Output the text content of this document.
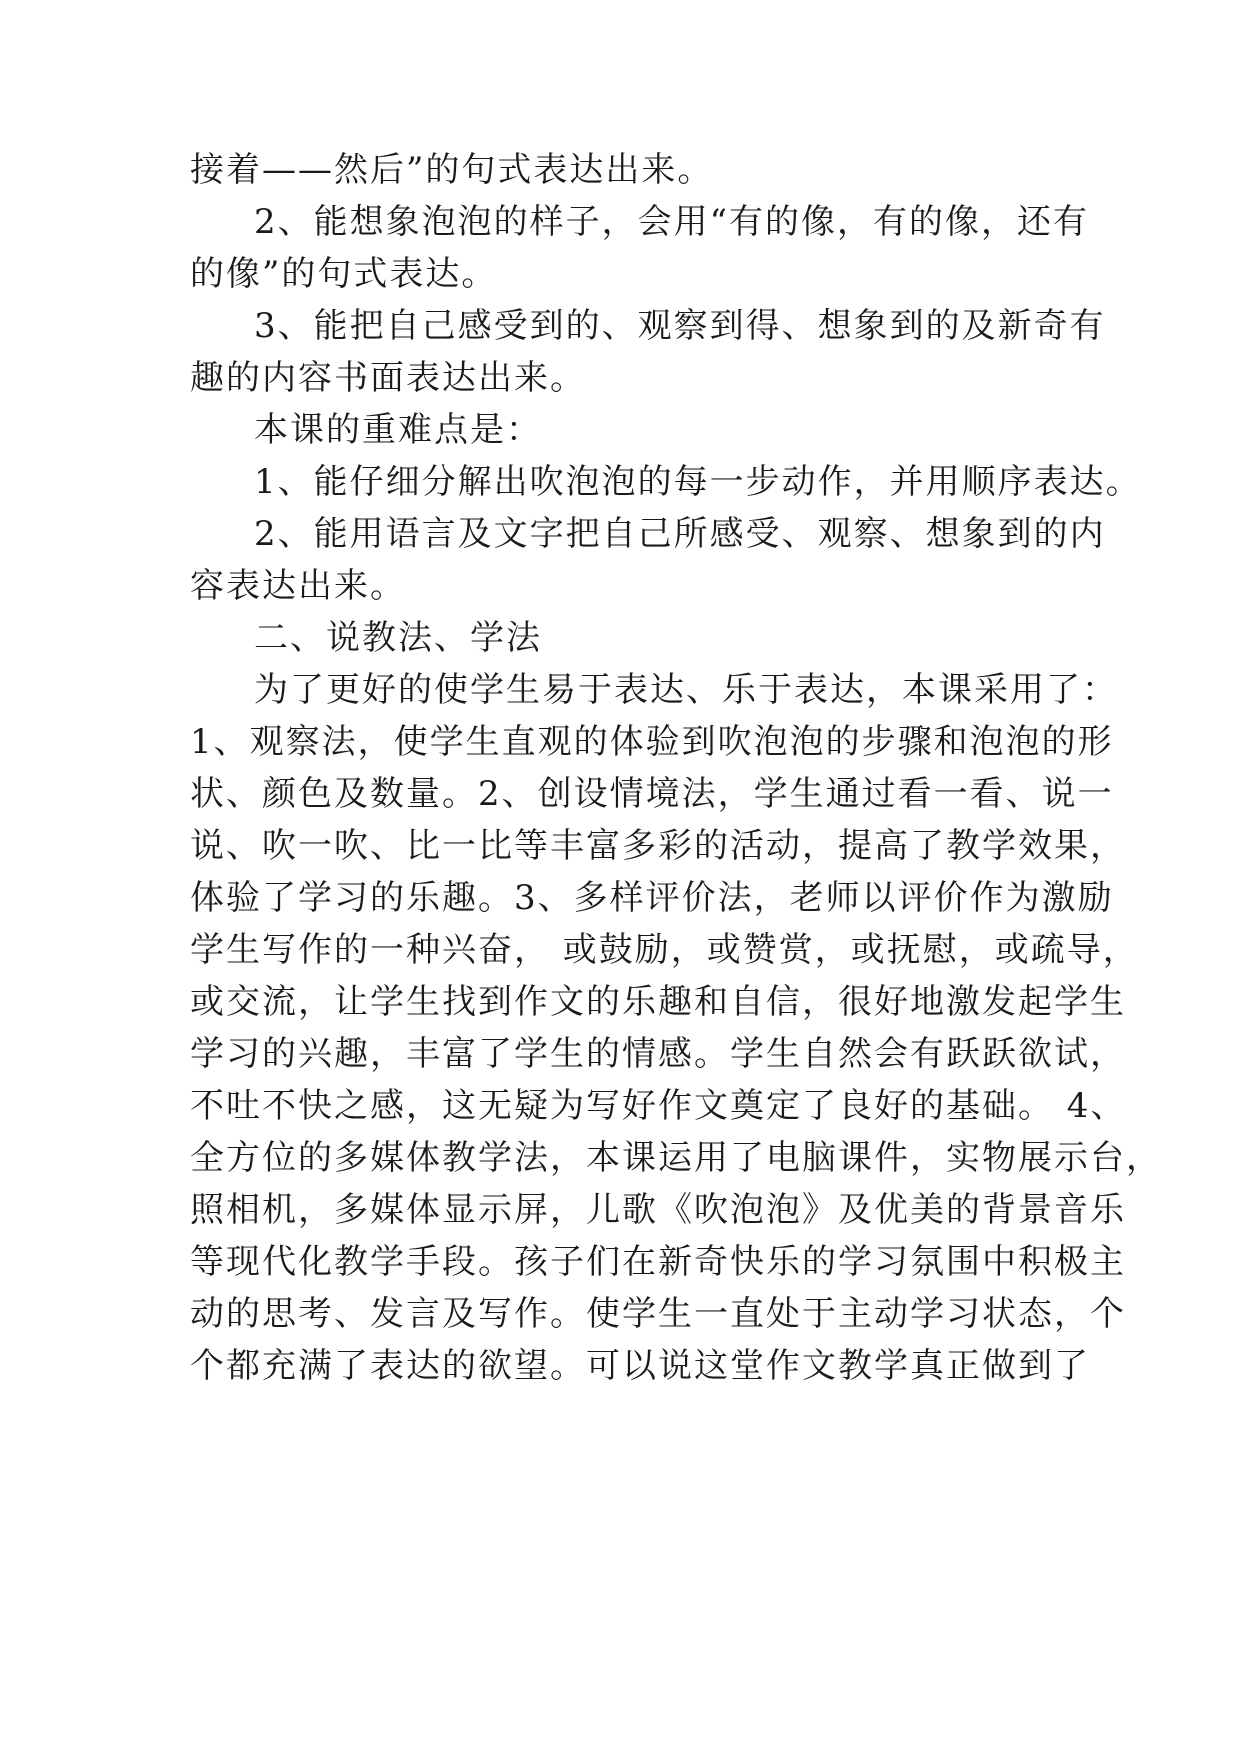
接着——然后”的句式表达出来。
2、能想象泡泡的样子，会用“有的像，有的像，还有
的像”的句式表达。
3、能把自己感受到的、观察到得、想象到的及新奇有
趣的内容书面表达出来。
本课的重难点是：
1、能仔细分解出吹泡泡的每一步动作，并用顺序表达。
2、能用语言及文字把自己所感受、观察、想象到的内
容表达出来。
二、说教法、学法
为了更好的使学生易于表达、乐于表达，本课采用了：
1、观察法，使学生直观的体验到吹泡泡的步骤和泡泡的形
状、颜色及数量。2、创设情境法，学生通过看一看、说一
说、吹一吹、比一比等丰富多彩的活动，提高了教学效果，
体验了学习的乐趣。3、多样评价法，老师以评价作为激励
学生写作的一种兴奋， 或鼓励，或赞赏，或抚慰，或疏导，
或交流，让学生找到作文的乐趣和自信，很好地激发起学生
学习的兴趣，丰富了学生的情感。学生自然会有跃跃欲试，
不吐不快之感，这无疑为写好作文奠定了良好的基础。 4、
全方位的多媒体教学法，本课运用了电脑课件，实物展示台，
照相机，多媒体显示屏，儿歌《吹泡泡》及优美的背景音乐
等现代化教学手段。孩子们在新奇快乐的学习氛围中积极主
动的思考、发言及写作。使学生一直处于主动学习状态，个
个都充满了表达的欲望。可以说这堂作文教学真正做到了
